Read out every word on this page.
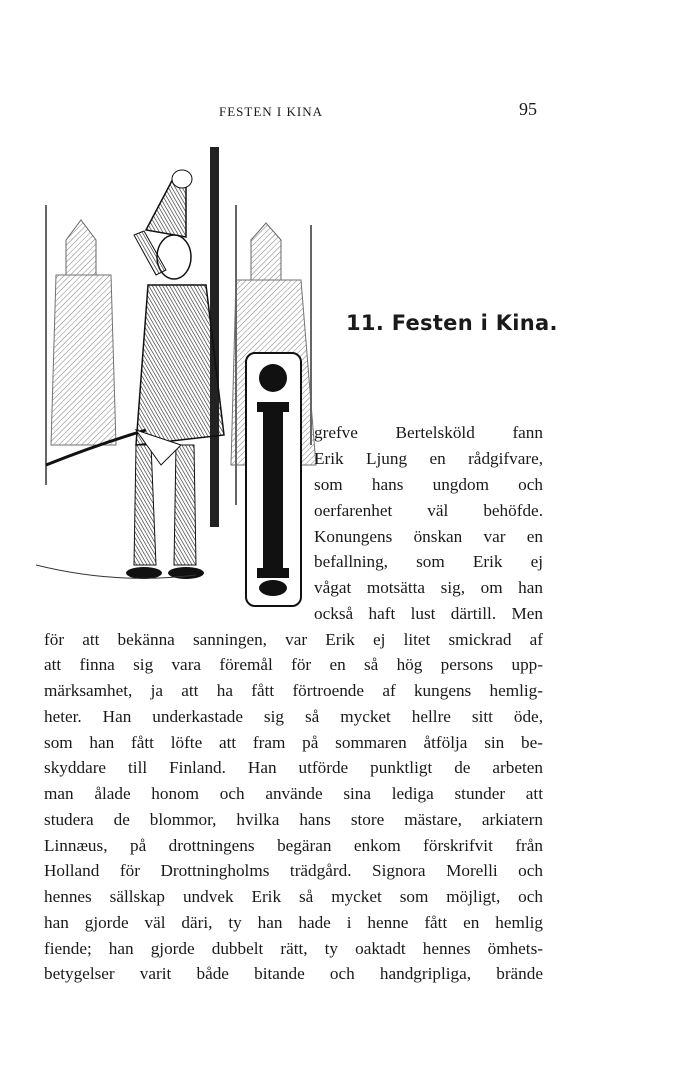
FESTEN I KINA	95
11. Festen i Kina.
I
grefve Bertelsköld fann
Erik Ljung en rådgifvare,
som hans ungdom och
oerfarenhet väl behöfde.
Konungens önskan var en
befallning, som Erik ej
vågat motsätta sig, om han
också haft lust därtill. Men
för att bekänna sanningen, var Erik ej litet smickrad af
att finna sig vara föremål för en så hög persons upp-
märksamhet, ja att ha fått förtroende af kungens hemlig-
heter. Han underkastade sig så mycket hellre sitt öde,
som han fått löfte att fram på sommaren åtfölja sin be-
skyddare till Finland. Han utförde punktligt de arbeten
man ålade honom och använde sina lediga stunder att
studera de blommor, hvilka hans store mästare, arkiatern
Linnæus, på drottningens begäran enkom förskrifvit från
Holland för Drottningholms trädgård. Signora Morelli och
hennes sällskap undvek Erik så mycket som möjligt, och
han gjorde väl däri, ty han hade i henne fått en hemlig
fiende; han gjorde dubbelt rätt, ty oaktadt hennes ömhets-
betygelser varit både bitande och handgripliga, brände
